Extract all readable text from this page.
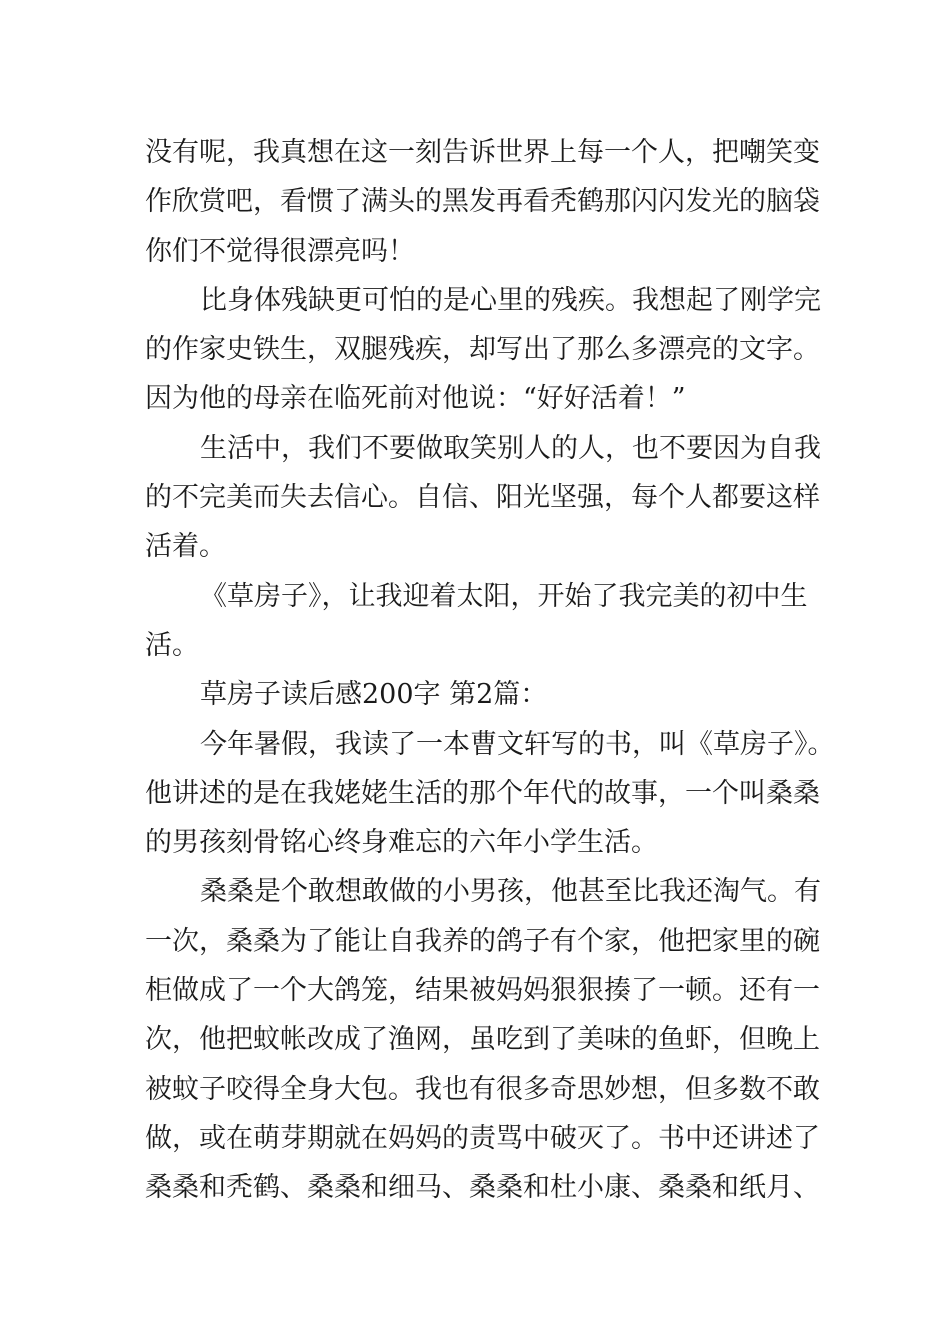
没有呢，我真想在这一刻告诉世界上每一个人，把嘲笑变
作欣赏吧，看惯了满头的黑发再看秃鹤那闪闪发光的脑袋
你们不觉得很漂亮吗！
比身体残缺更可怕的是心里的残疾。我想起了刚学完
的作家史铁生，双腿残疾，却写出了那么多漂亮的文字。
因为他的母亲在临死前对他说：“好好活着！”
生活中，我们不要做取笑别人的人，也不要因为自我
的不完美而失去信心。自信、阳光坚强，每个人都要这样
活着。
《草房子》，让我迎着太阳，开始了我完美的初中生
活。
草房子读后感200字 第2篇：
今年暑假，我读了一本曹文轩写的书，叫《草房子》。
他讲述的是在我姥姥生活的那个年代的故事，一个叫桑桑
的男孩刻骨铭心终身难忘的六年小学生活。
桑桑是个敢想敢做的小男孩，他甚至比我还淘气。有
一次，桑桑为了能让自我养的鸽子有个家，他把家里的碗
柜做成了一个大鸽笼，结果被妈妈狠狠揍了一顿。还有一
次，他把蚊帐改成了渔网，虽吃到了美味的鱼虾，但晚上
被蚊子咬得全身大包。我也有很多奇思妙想，但多数不敢
做，或在萌芽期就在妈妈的责骂中破灭了。书中还讲述了
桑桑和秃鹤、桑桑和细马、桑桑和杜小康、桑桑和纸月、
